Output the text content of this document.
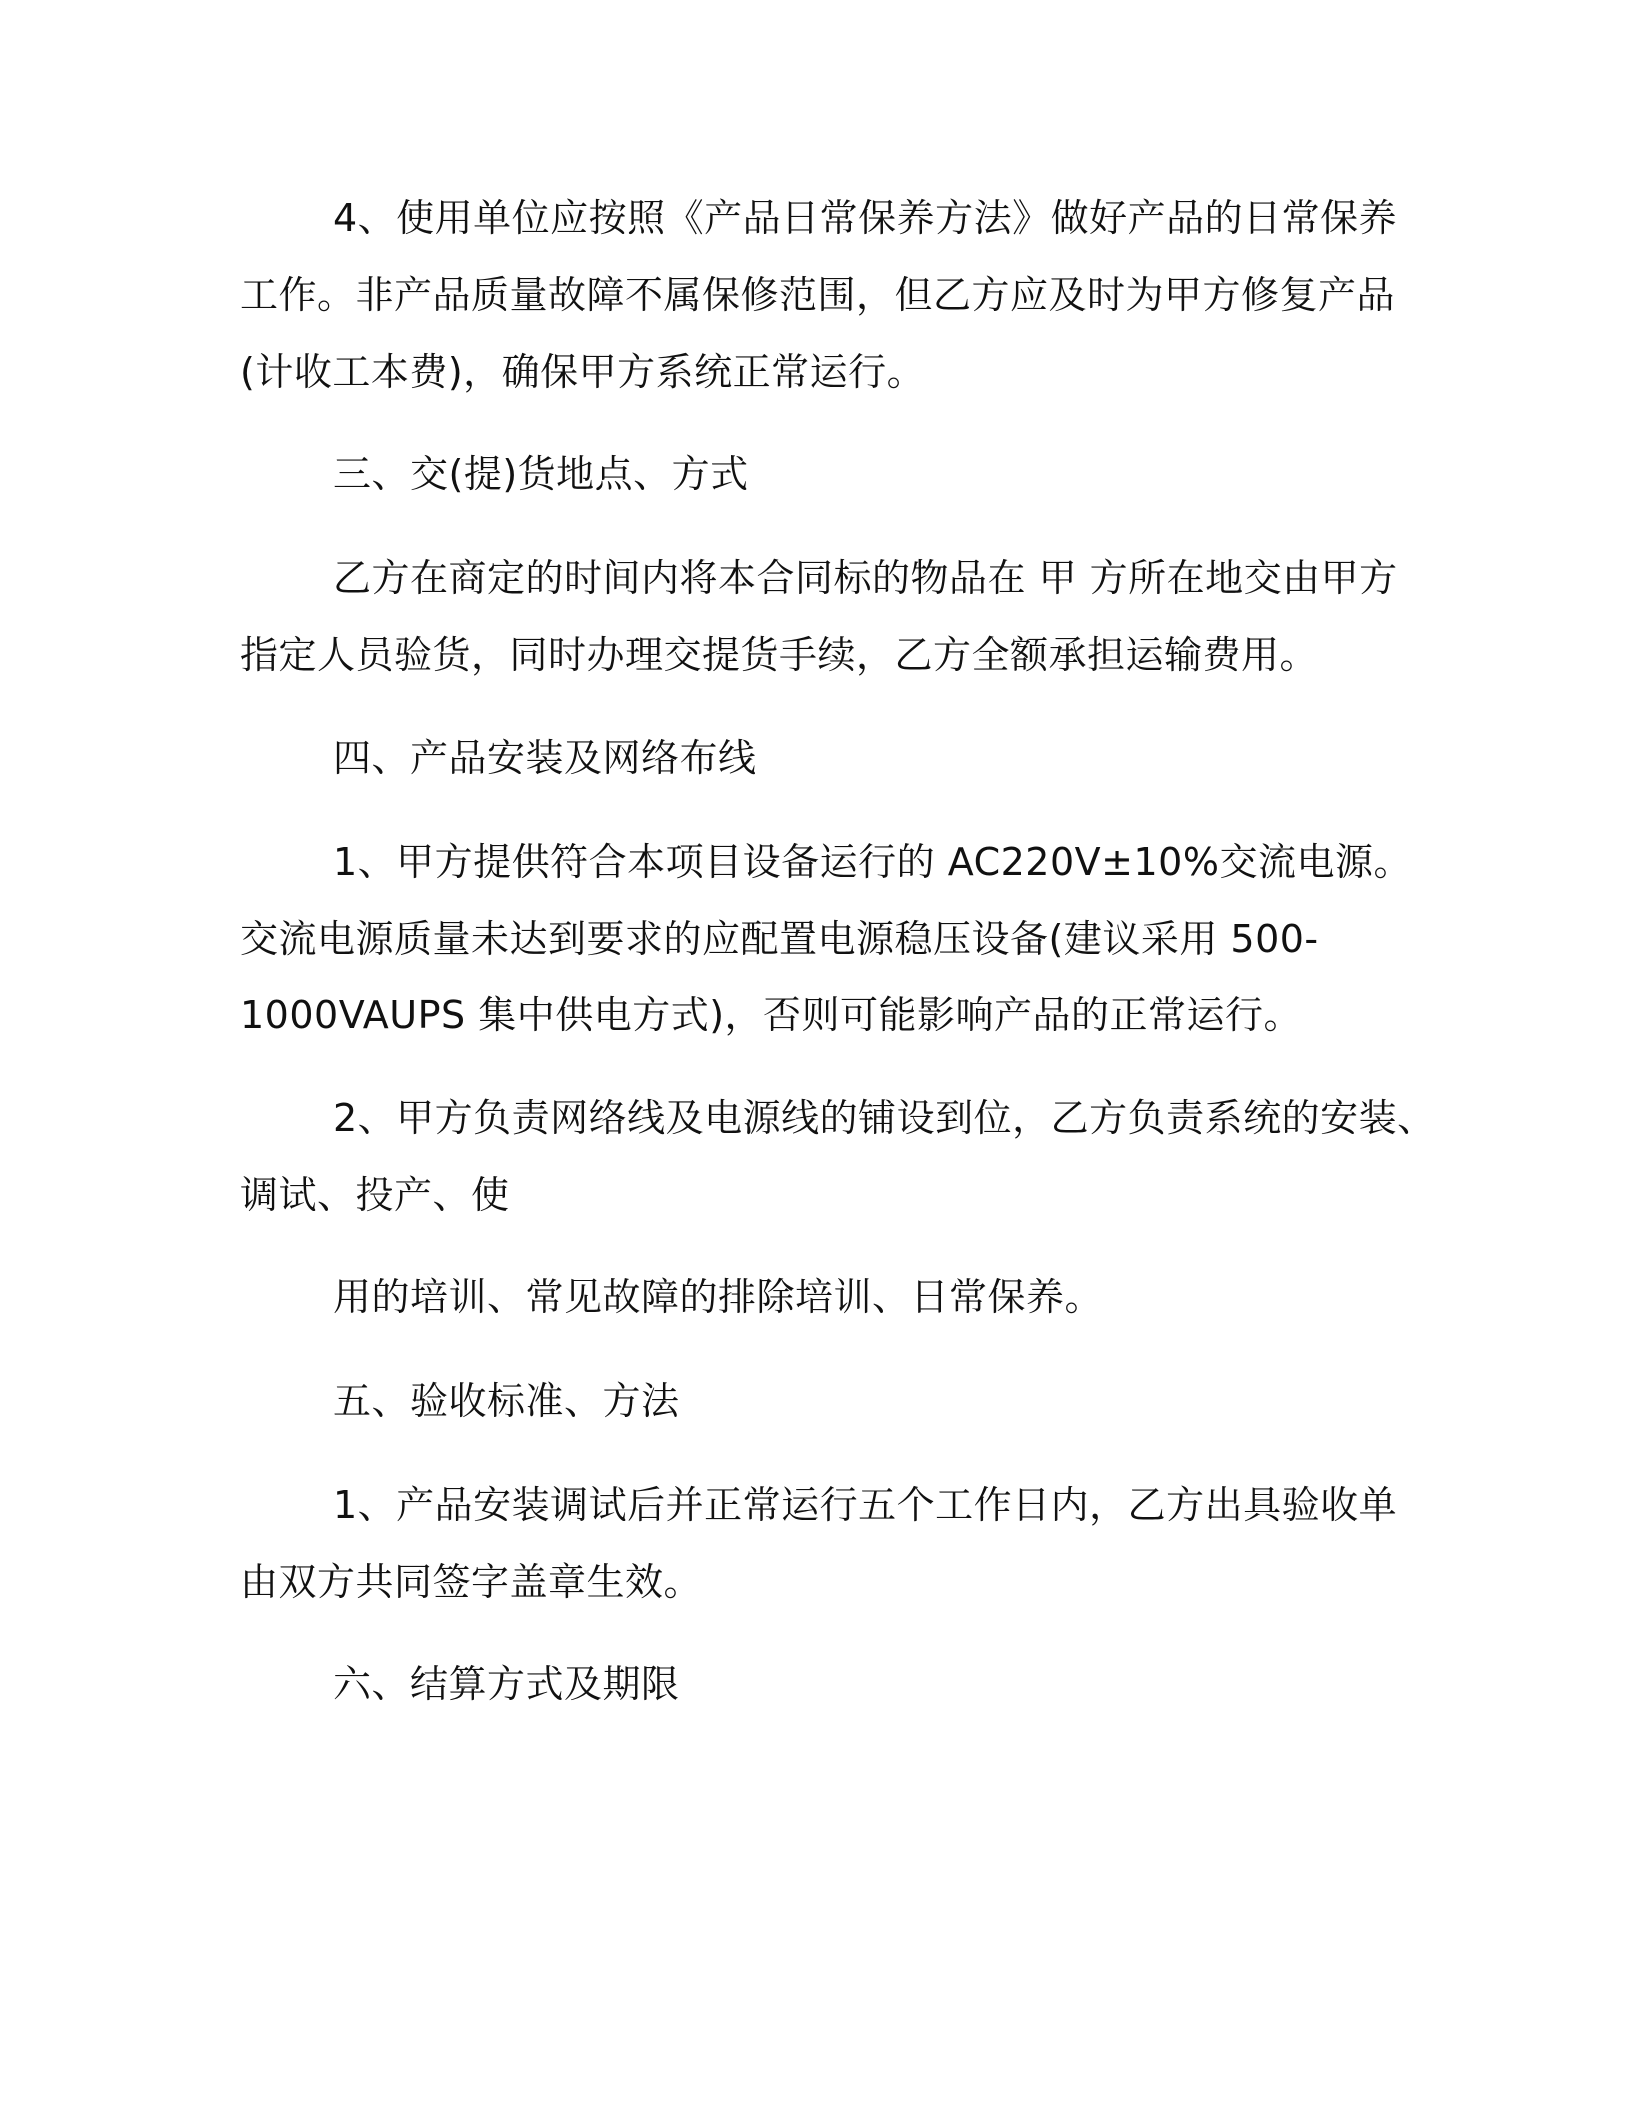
4、使用单位应按照《产品日常保养方法》做好产品的日常保养
工作。非产品质量故障不属保修范围，但乙方应及时为甲方修复产品
(计收工本费)，确保甲方系统正常运行。
三、交(提)货地点、方式
乙方在商定的时间内将本合同标的物品在 甲 方所在地交由甲方
指定人员验货，同时办理交提货手续，乙方全额承担运输费用。
四、产品安装及网络布线
1、甲方提供符合本项目设备运行的 AC220V±10%交流电源。
交流电源质量未达到要求的应配置电源稳压设备(建议采用 500-
1000VAUPS 集中供电方式)，否则可能影响产品的正常运行。
2、甲方负责网络线及电源线的铺设到位，乙方负责系统的安装、
调试、投产、使
用的培训、常见故障的排除培训、日常保养。
五、验收标准、方法
1、产品安装调试后并正常运行五个工作日内，乙方出具验收单
由双方共同签字盖章生效。
六、结算方式及期限
